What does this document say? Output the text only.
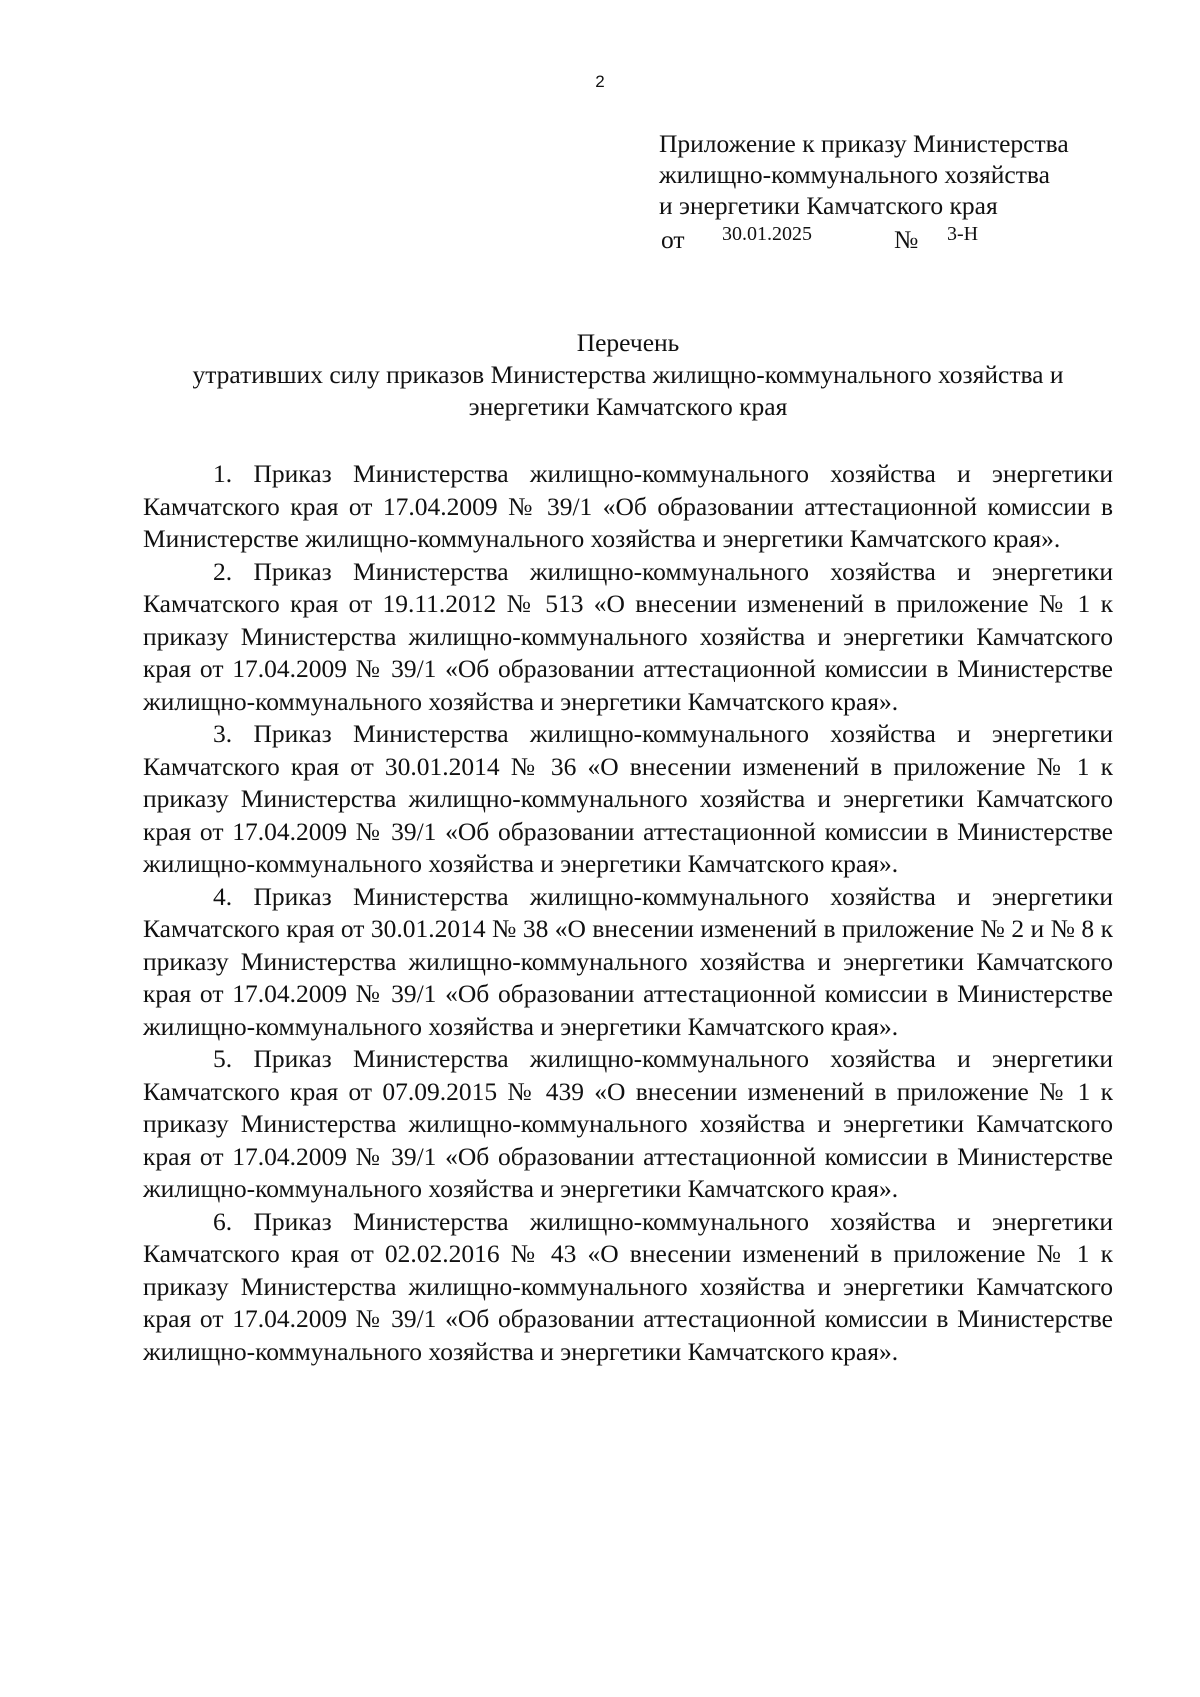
2
Приложение к приказу Министерства
жилищно-коммунального хозяйства
и энергетики Камчатского края
от 30.01.2025	№ 3-Н
Перечень
утративших силу приказов Министерства жилищно-коммунального хозяйства и
энергетики Камчатского края

1. Приказ Министерства жилищно-коммунального хозяйства и энергетики Камчатского края от 17.04.2009 № 39/1 «Об образовании аттестационной комиссии в Министерстве жилищно-коммунального хозяйства и энергетики Камчатского края».

2. Приказ Министерства жилищно-коммунального хозяйства и энергетики Камчатского края от 19.11.2012 № 513 «О внесении изменений в приложение № 1 к приказу Министерства жилищно-коммунального хозяйства и энергетики Камчатского края от 17.04.2009 № 39/1 «Об образовании аттестационной комиссии в Министерстве жилищно-коммунального хозяйства и энергетики Камчатского края».

3. Приказ Министерства жилищно-коммунального хозяйства и энергетики Камчатского края от 30.01.2014 № 36 «О внесении изменений в приложение № 1 к приказу Министерства жилищно-коммунального хозяйства и энергетики Камчатского края от 17.04.2009 № 39/1 «Об образовании аттестационной комиссии в Министерстве жилищно-коммунального хозяйства и энергетики Камчатского края».

4. Приказ Министерства жилищно-коммунального хозяйства и энергетики Камчатского края от 30.01.2014 № 38 «О внесении изменений в приложение № 2 и № 8 к приказу Министерства жилищно-коммунального хозяйства и энергетики Камчатского края от 17.04.2009 № 39/1 «Об образовании аттестационной комиссии в Министерстве жилищно-коммунального хозяйства и энергетики Камчатского края».

5. Приказ Министерства жилищно-коммунального хозяйства и энергетики Камчатского края от 07.09.2015 № 439 «О внесении изменений в приложение № 1 к приказу Министерства жилищно-коммунального хозяйства и энергетики Камчатского края от 17.04.2009 № 39/1 «Об образовании аттестационной комиссии в Министерстве жилищно-коммунального хозяйства и энергетики Камчатского края».

6. Приказ Министерства жилищно-коммунального хозяйства и энергетики Камчатского края от 02.02.2016 № 43 «О внесении изменений в приложение № 1 к приказу Министерства жилищно-коммунального хозяйства и энергетики Камчатского края от 17.04.2009 № 39/1 «Об образовании аттестационной комиссии в Министерстве жилищно-коммунального хозяйства и энергетики Камчатского края».
